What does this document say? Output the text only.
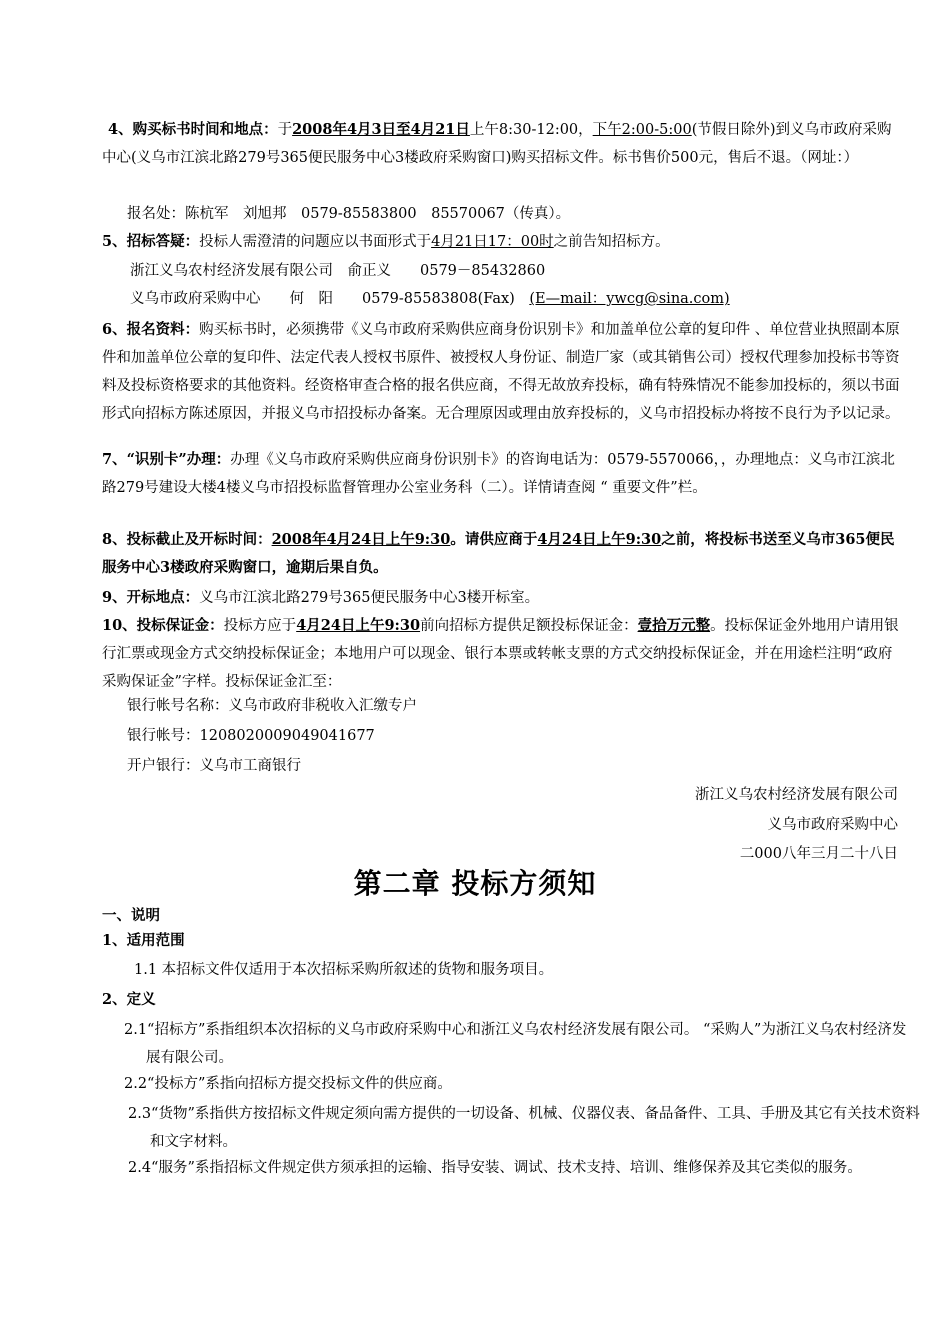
4、购买标书时间和地点：于2008年4月3日至4月21日上午8:30-12:00，下午2:00-5:00(节假日除外)到义乌市政府采购中心(义乌市江滨北路279号365便民服务中心3楼政府采购窗口)购买招标文件。标书售价500元，售后不退。（网址：）

报名处：陈杭军　刘旭邦　0579-85583800　85570067（传真）。

5、招标答疑：投标人需澄清的问题应以书面形式于4月21日17：00时之前告知招标方。

浙江义乌农村经济发展有限公司　俞正义　　0579－85432860

义乌市政府采购中心　　何　阳　　0579-85583808(Fax)　(E—mail：ywcg@sina.com)

6、报名资料：购买标书时，必须携带《义乌市政府采购供应商身份识别卡》和加盖单位公章的复印件 、单位营业执照副本原件和加盖单位公章的复印件、法定代表人授权书原件、被授权人身份证、制造厂家（或其销售公司）授权代理参加投标书等资料及投标资格要求的其他资料。经资格审查合格的报名供应商，不得无故放弃投标，确有特殊情况不能参加投标的，须以书面形式向招标方陈述原因，并报义乌市招投标办备案。无合理原因或理由放弃投标的，义乌市招投标办将按不良行为予以记录。

7、“识别卡”办理：办理《义乌市政府采购供应商身份识别卡》的咨询电话为：0579-5570066，，办理地点：义乌市江滨北路279号建设大楼4楼义乌市招投标监督管理办公室业务科（二）。详情请查阅 “ 重要文件”栏。

8、投标截止及开标时间：2008年4月24日上午9:30。请供应商于4月24日上午9:30之前，将投标书送至义乌市365便民服务中心3楼政府采购窗口，逾期后果自负。

9、开标地点：义乌市江滨北路279号365便民服务中心3楼开标室。

10、投标保证金：投标方应于4月24日上午9:30前向招标方提供足额投标保证金：壹拾万元整。投标保证金外地用户请用银行汇票或现金方式交纳投标保证金；本地用户可以现金、银行本票或转帐支票的方式交纳投标保证金，并在用途栏注明“政府采购保证金”字样。投标保证金汇至：

银行帐号名称：义乌市政府非税收入汇缴专户

银行帐号：1208020009049041677

开户银行：义乌市工商银行

浙江义乌农村经济发展有限公司
义乌市政府采购中心
二000八年三月二十八日
第二章 投标方须知

一、说明

1、适用范围

1.1 本招标文件仅适用于本次招标采购所叙述的货物和服务项目。

2、定义

2.1“招标方”系指组织本次招标的义乌市政府采购中心和浙江义乌农村经济发展有限公司。 “采购人”为浙江义乌农村经济发展有限公司。

2.2“投标方”系指向招标方提交投标文件的供应商。

2.3“货物”系指供方按招标文件规定须向需方提供的一切设备、机械、仪器仪表、备品备件、工具、手册及其它有关技术资料和文字材料。

2.4“服务”系指招标文件规定供方须承担的运输、指导安装、调试、技术支持、培训、维修保养及其它类似的服务。
